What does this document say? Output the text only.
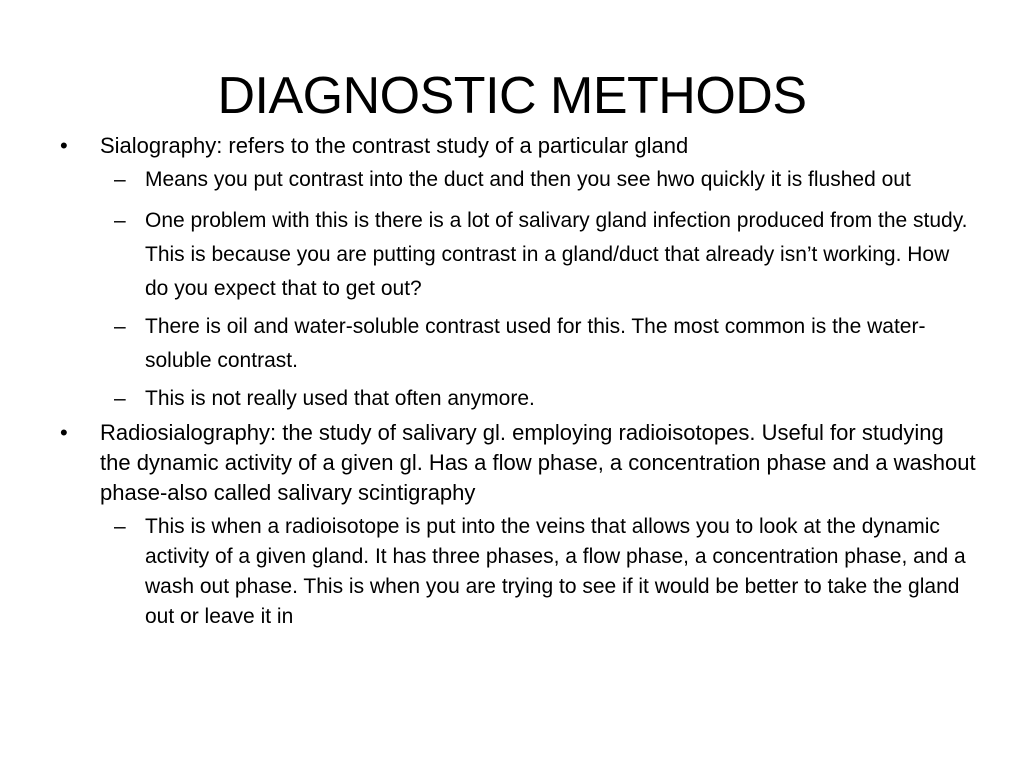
DIAGNOSTIC METHODS
•	Sialography: refers to the contrast study of a particular gland
– Means you put contrast into the duct and then you see hwo quickly it is flushed out
– One problem with this is there is a lot of salivary gland infection produced from the study. This is because you are putting contrast in a gland/duct that already isn’t working. How do you expect that to get out?
– There is oil and water-soluble contrast used for this. The most common is the water-soluble contrast.
– This is not really used that often anymore.
•	Radiosialography: the study of salivary gl. employing radioisotopes. Useful for studying the dynamic activity of a given gl. Has a flow phase, a concentration phase and a washout phase-also called salivary scintigraphy
– This is when a radioisotope is put into the veins that allows you to look at the dynamic activity of a given gland. It has three phases, a flow phase, a concentration phase, and a wash out phase. This is when you are trying to see if it would be better to take the gland out or leave it in
